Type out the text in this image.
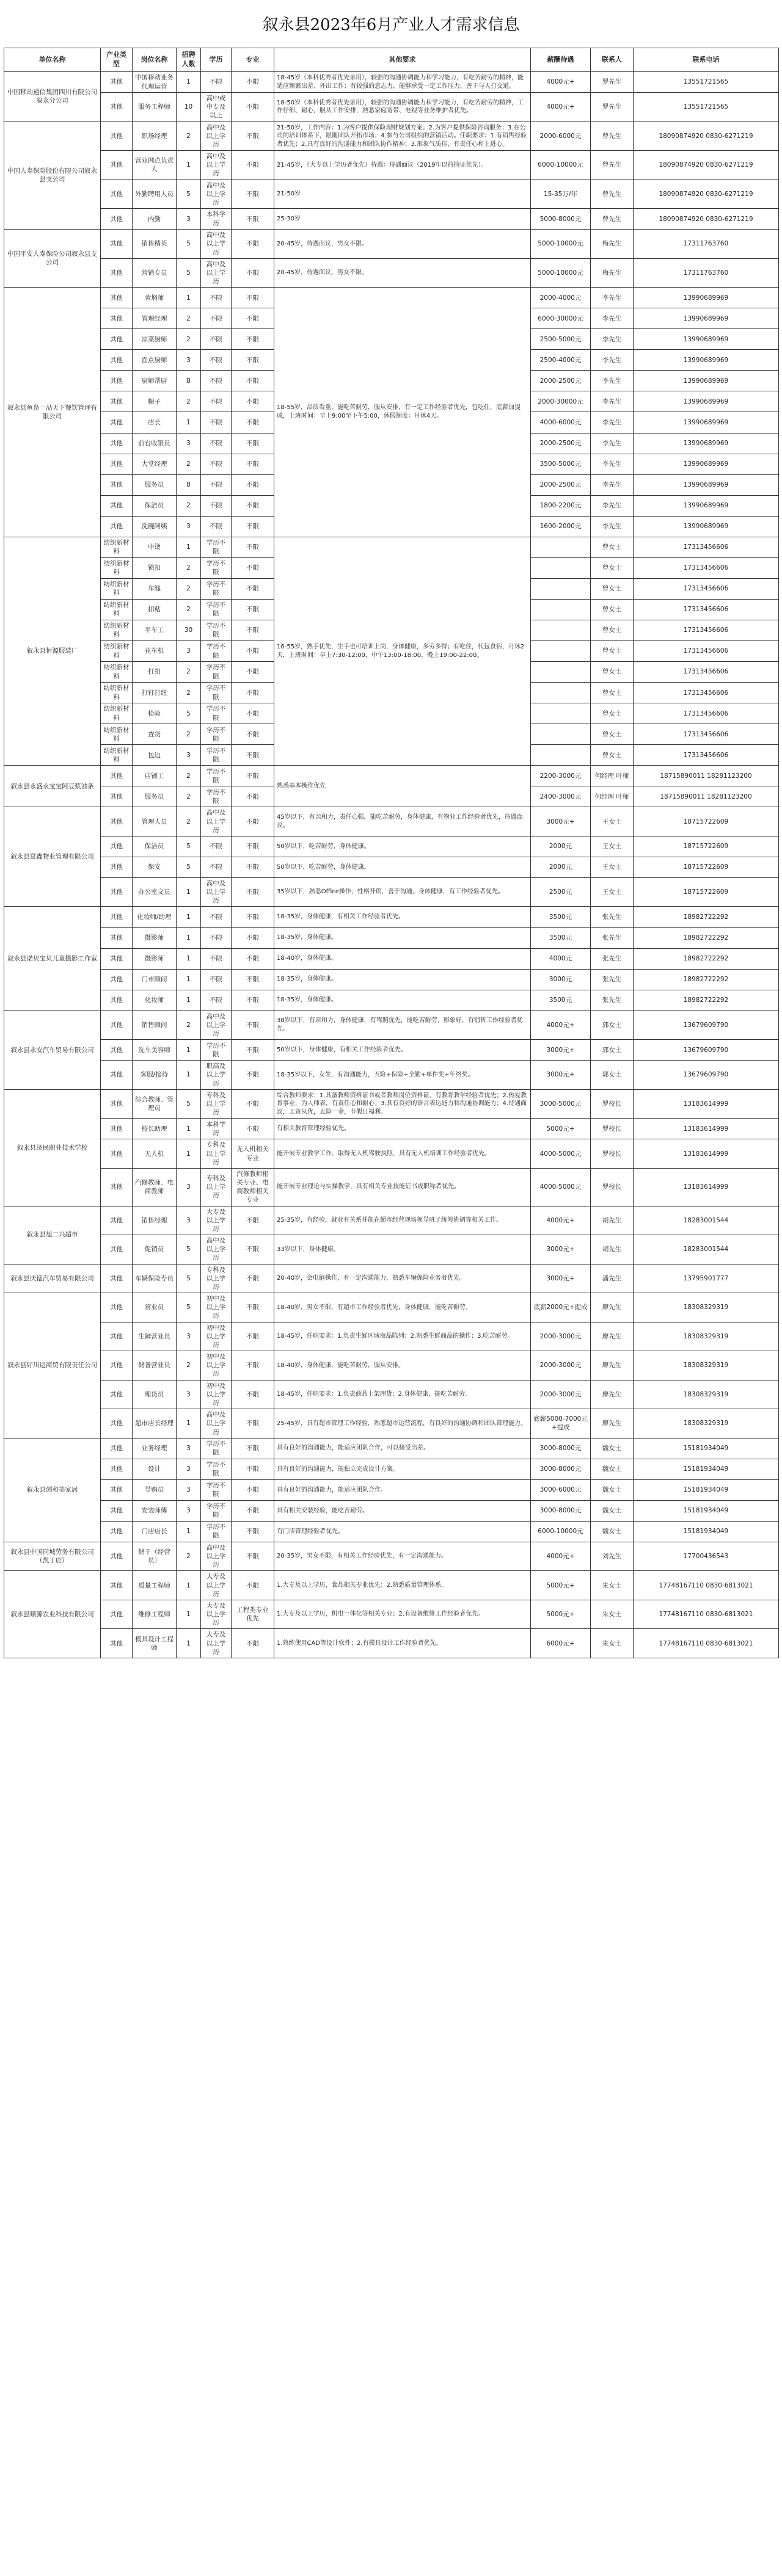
叙永县2023年6月产业人才需求信息
单位名称	产业类型	岗位名称	招聘人数	学历	专业	其他要求	薪酬待遇	联系人	联系电话
中国移动通信集团四川有限公司叙永分公司	其他	中国移动业务代理运营	1	不限	不限	18-45岁（本科优秀者优先录用），较强的沟通协调能力和学习能力，有吃苦耐劳的精神，能适应频繁出差、外出工作；有较强的意志力，能够承受一定工作压力，善于与人打交道。	4000元+	罗先生	13551721565
	其他	服务工程师	10	高中或中专及以上	不限	18-50岁（本科优秀者优先录用），较强的沟通协调能力和学习能力，有吃苦耐劳的精神，工作仔细、耐心，服从工作安排，熟悉家庭宽带、电视等业务维护者优先。	4000元+	罗先生	13551721565
中国人寿保险股份有限公司叙永县支公司	其他	职场经理	2	高中及以上学历	不限	21-50岁，工作内容：1.为客户提供保险理财规划方案；2.为客户提供保险咨询服务；3.在公司的培训体系下，跟随团队开拓市场；4.参与公司组织的营销活动。任职要求：1.有销售经验者优先；2.具有良好的沟通能力和团队协作精神；3.形象气质佳，有责任心和上进心。	2000-6000元	曾先生	18090874920 0830-6271219
	其他	营业网点负责人	1	高中及以上学历	不限	21-45岁，（大专以上学历者优先）待遇：待遇面议（2019年以前持证优先）。	6000-10000元	曾先生	18090874920 0830-6271219
	其他	外勤聘用人员	5	高中及以上学历	不限	21-50岁	15-35万/年	曾先生	18090874920 0830-6271219
	其他	内勤	3	本科学历	不限	25-30岁	5000-8000元	曾先生	18090874920 0830-6271219
中国平安人寿保险公司叙永县支公司	其他	销售精英	5	高中及以上学历	不限	20-45岁，待遇面议，男女不限。	5000-10000元	梅先生	17311763760
	其他	营销专员	5	高中及以上学历	不限	20-45岁，待遇面议，男女不限。	5000-10000元	梅先生	17311763760
叙永县鱼凫一品天下餐饮管理有限公司	其他	黄焖师	1	不限	不限	18-55岁，品质看重，能吃苦耐劳，服从安排，有一定工作经验者优先，包吃住，底薪加提成，上班时间：早上9:00至下午5:00，休假制度：月休4天。	2000-4000元	李先生	13990689969
	其他	管理经理	2	不限	不限		6000-30000元	李先生	13990689969
	其他	凉菜厨师	2	不限	不限		2500-5000元	李先生	13990689969
	其他	面点厨师	3	不限	不限		2500-4000元	李先生	13990689969
	其他	厨师帮厨	8	不限	不限		2000-2500元	李先生	13990689969
	其他	橱子	2	不限	不限		2000-30000元	李先生	13990689969
	其他	店长	1	不限	不限		4000-6000元	李先生	13990689969
	其他	前台收银员	3	不限	不限		2000-2500元	李先生	13990689969
	其他	大堂经理	2	不限	不限		3500-5000元	李先生	13990689969
	其他	服务员	8	不限	不限		2000-2500元	李先生	13990689969
	其他	保洁员	2	不限	不限		1800-2200元	李先生	13990689969
	其他	洗碗阿姨	3	不限	不限		1600-2000元	李先生	13990689969
叙永县恒源服装厂	纺织新材料	中烫	1	学历不限	不限	16-55岁，熟手优先，生手也可培训上岗，身体健康，多劳多得；有吃住，代包食宿，月休2天，上班时间：早上7:30-12:00，中午13:00-18:00，晚上19:00-22:00。		曾女士	17313456606
	纺织新材料	锁扣	2	学历不限	不限			曾女士	17313456606
	纺织新材料	车缝	2	学历不限	不限			曾女士	17313456606
	纺织新材料	扣粘	2	学历不限	不限			曾女士	17313456606
	纺织新材料	平车工	30	学历不限	不限			曾女士	17313456606
	纺织新材料	花车机	3	学历不限	不限			曾女士	17313456606
	纺织新材料	打扣	2	学历不限	不限			曾女士	17313456606
	纺织新材料	打钉打纽	2	学历不限	不限			曾女士	17313456606
	纺织新材料	检验	5	学历不限	不限			曾女士	17313456606
	纺织新材料	查货	2	学历不限	不限			曾女士	17313456606
	纺织新材料	包边	3	学历不限	不限			曾女士	17313456606
叙永县永盛永宝宝阿豆浆油条	其他	店铺工	2	学历不限	不限	熟悉基本操作优先	2200-3000元	何经理 叶师	18715890011 18281123200
	其他	服务员	2	学历不限	不限		2400-3000元	何经理 叶师	18715890011 18281123200
叙永县富鑫物业管理有限公司	其他	管理人员	2	高中及以上学历	不限	45岁以下，有亲和力，责任心强，能吃苦耐劳，身体健康，有物业工作经验者优先，待遇面议。	3000元+	王女士	18715722609
	其他	保洁员	5	不限	不限	50岁以下，吃苦耐劳，身体健康。	2000元	王女士	18715722609
	其他	保安	5	不限	不限	50岁以下，吃苦耐劳，身体健康。	2000元	王女士	18715722609
	其他	办公室文员	1	高中及以上学历	不限	35岁以下，熟悉Office操作，性格开朗，善于沟通，身体健康，有工作经验者优先。	2500元	王女士	18715722609
叙永县诺贝宝贝儿童摄影工作室	其他	化妆师/助理	1	不限	不限	18-35岁，身体健康，有相关工作经验者优先。	3500元	张先生	18982722292
	其他	摄影师	1	不限	不限	18-35岁，身体健康。	3500元	张先生	18982722292
	其他	摄影师	1	不限	不限	18-40岁，身体健康。	4000元	张先生	18982722292
	其他	门市顾问	1	不限	不限	18-35岁，身体健康。	3000元	张先生	18982722292
	其他	化妆师	1	不限	不限	18-35岁，身体健康。	3500元	张先生	18982722292
叙永县永安汽车贸易有限公司	其他	销售顾问	2	高中及以上学历	不限	38岁以下，有亲和力，身体健康，有驾照优先，能吃苦耐劳，形象好，有销售工作经验者优先。	4000元+	郭女士	13679609790
	其他	洗车美容师	1	学历不限	不限	50岁以下，身体健康，有相关工作经验者优先。	3000元+	郭女士	13679609790
	其他	客服/接待	1	职高及以上学历	不限	18-35岁以下，女生，有沟通能力，五险+保险+全勤+单件奖+年终奖。	3000元+	郭女士	13679609790
叙永县济民职业技术学校	其他	综合教师、管理员	5	专科及以上学历	不限	综合教师要求：1.具备教师资格证书或者教师岗位资格证，有教育教学经验者优先；2.热爱教育事业，为人师表，有责任心和耐心；3.具有良好的语言表达能力和沟通协调能力；4.待遇面议，工资从优，五险一金，节假日福利。	3000-5000元	罗校长	13183614999
	其他	校长助理	1	本科学历	不限	有相关教育管理经验优先。	5000元+	罗校长	13183614999
	其他	无人机	1	专科及以上学历	无人机相关专业	能开展专业教学工作，取得无人机驾驶执照，具有无人机培训工作经验者优先。	4000-5000元	罗校长	13183614999
	其他	汽修教师、电商教师	3	专科及以上学历	汽修教师相关专业、电商教师相关专业	能开展专业理论与实操教学，具有相关专业技能证书或职称者优先。	4000-5000元	罗校长	13183614999
叙永县旭二兴超市	其他	销售经理	3	大专及以上学历	不限	25-35岁，有经验，就业有关系并能在超市经营现场领导班子统筹协调等相关工作。	4000元+	胡先生	18283001544
	其他	促销员	5	高中及以上学历	不限	33岁以下，身体健康。	3000元+	胡先生	18283001544
叙永县庆德汽车贸易有限公司	其他	车辆保险专员	5	专科及以上学历	不限	20-40岁，会电脑操作，有一定沟通能力，熟悉车辆保险业务者优先。	3000元+	潘先生	13795901777
叙永县好川运商贸有限责任公司	其他	营业员	5	初中及以上学历	不限	18-40岁，男女不限，有超市工作经验者优先，身体健康，能吃苦耐劳。	底薪2000元+提成	廖先生	18308329319
	其他	生鲜营业员	3	初中及以上学历	不限	18-45岁，任职要求：1.负责生鲜区域商品陈列；2.熟悉生鲜商品的操作；3.吃苦耐劳。	2000-3000元	廖先生	18308329319
	其他	储备营业员	2	初中及以上学历	不限	18-40岁，身体健康，能吃苦耐劳，服从安排。	2000-3000元	廖先生	18308329319
	其他	理货员	3	初中及以上学历	不限	18-45岁，任职要求：1.负责商品上架理货；2.身体健康，能吃苦耐劳。	2000-3000元	廖先生	18308329319
	其他	超市店长经理	1	高中及以上学历	不限	25-45岁，具有超市管理工作经验，熟悉超市运营流程，有良好的沟通协调和团队管理能力。	底薪5000-7000元+提成	廖先生	18308329319
叙永县创和美家居	其他	业务经理	3	学历不限	不限	具有良好的沟通能力，能适应团队合作，可以接受出差。	3000-8000元	魏女士	15181934049
	其他	设计	3	学历不限	不限	具有良好的沟通能力，能独立完成设计方案。	3000-8000元	魏女士	15181934049
	其他	导购员	3	学历不限	不限	具有良好的沟通能力，能适应团队合作。	3000-6000元	魏女士	15181934049
	其他	安装师傅	3	学历不限	不限	具有相关安装经验，能吃苦耐劳。	3000-8000元	魏女士	15181934049
	其他	门店店长	1	学历不限	不限	有门店管理经验者优先。	6000-10000元	魏女士	15181934049
叙永县中国同城劳务有限公司（凯丁店）	其他	储干（经营员）	2	高中及以上学历	不限	20-35岁，男女不限，有相关工作经验优先，有一定沟通能力。	4000元+	刘先生	17700436543
叙永县顺源农业科技有限公司	其他	质量工程师	1	大专及以上学历	不限	1.大专及以上学历，食品相关专业优先；2.熟悉质量管理体系。	5000元+	朱女士	17748167110 0830-6813021
	其他	维修工程师	1	大专及以上学历	工程类专业优先	1.大专及以上学历，机电一体化等相关专业；2.有设备维修工作经验者优先。	5000元+	朱女士	17748167110 0830-6813021
	其他	模具设计工程师	1	大专及以上学历	不限	1.熟练使用CAD等设计软件；2.有模具设计工作经验者优先。	6000元+	朱女士	17748167110 0830-6813021
